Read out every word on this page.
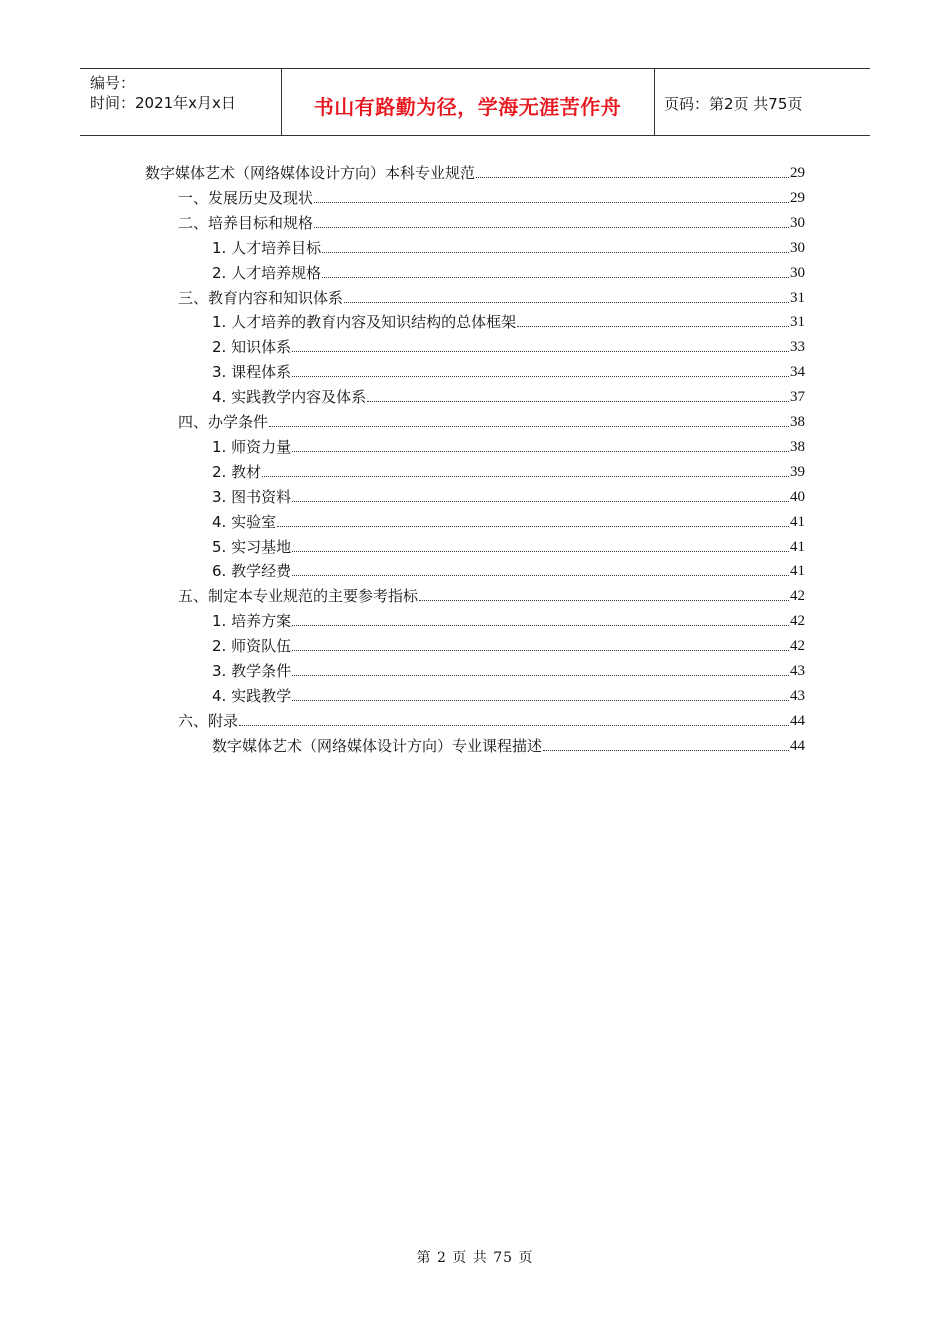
编号：
时间：2021年x月x日	书山有路勤为径，学海无涯苦作舟	页码：第2页 共75页
数字媒体艺术（网络媒体设计方向）本科专业规范	29
一、发展历史及现状	29
二、培养目标和规格	30
1. 人才培养目标	30
2. 人才培养规格	30
三、教育内容和知识体系	31
1. 人才培养的教育内容及知识结构的总体框架	31
2. 知识体系	33
3. 课程体系	34
4. 实践教学内容及体系	37
四、办学条件	38
1. 师资力量	38
2. 教材	39
3. 图书资料	40
4. 实验室	41
5. 实习基地	41
6. 教学经费	41
五、制定本专业规范的主要参考指标	42
1. 培养方案	42
2. 师资队伍	42
3. 教学条件	43
4. 实践教学	43
六、附录	44
数字媒体艺术（网络媒体设计方向）专业课程描述	44
第 2 页 共 75 页
